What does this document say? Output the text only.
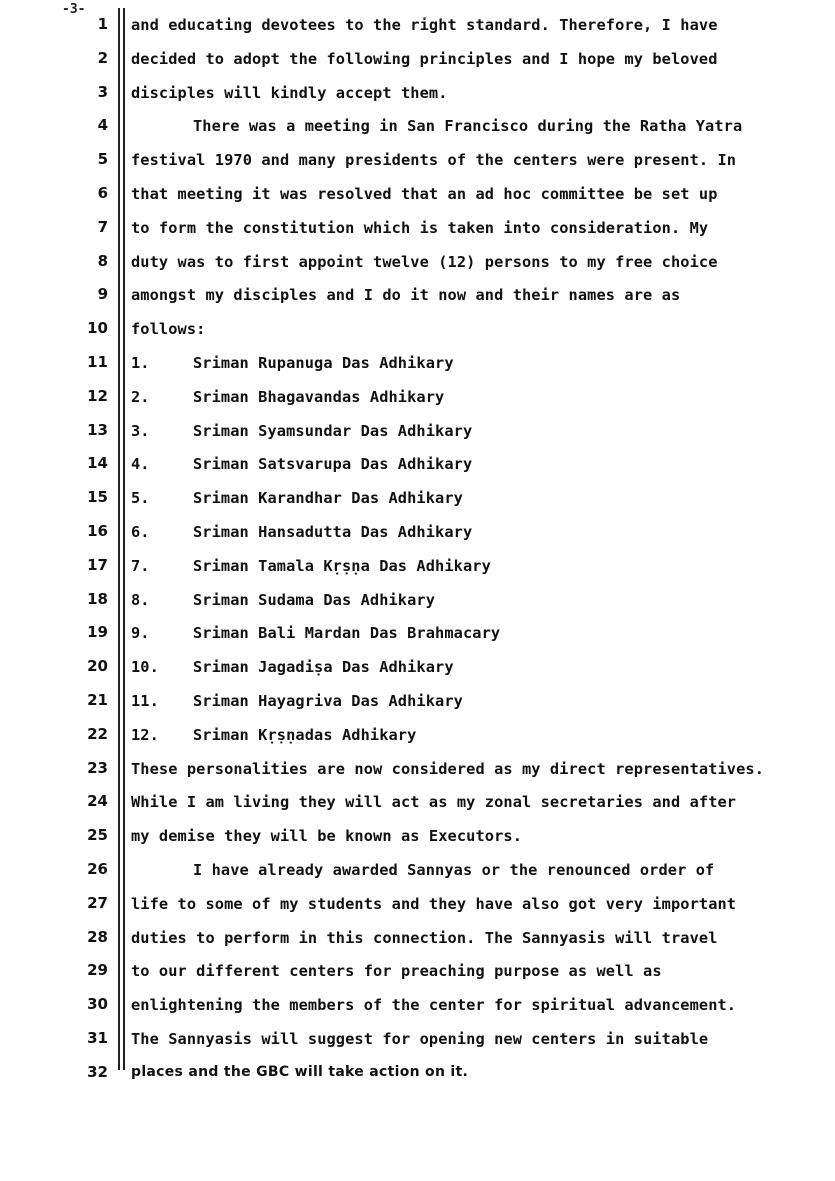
-3-
1 and educating devotees to the right standard. Therefore, I have
2 decided to adopt the following principles and I hope my beloved
3 disciples will kindly accept them.
4	There was a meeting in San Francisco during the Ratha Yatra
5 festival 1970 and many presidents of the centers were present. In
6 that meeting it was resolved that an ad hoc committee be set up
7 to form the constitution which is taken into consideration. My
8 duty was to first appoint twelve (12) persons to my free choice
9 amongst my disciples and I do it now and their names are as
10 follows:
11 1.	Sriman Rupanuga Das Adhikary
12 2.	Sriman Bhagavandas Adhikary
13 3.	Sriman Syamsundar Das Adhikary
14 4.	Sriman Satsvarupa Das Adhikary
15 5.	Sriman Karandhar Das Adhikary
16 6.	Sriman Hansadutta Das Adhikary
17 7.	Sriman Tamala Kṛṣṇa Das Adhikary
18 8.	Sriman Sudama Das Adhikary
19 9.	Sriman Bali Mardan Das Brahmacary
20 10. Sriman Jagadiṣa Das Adhikary
21 11. Sriman Hayagriva Das Adhikary
22 12. Sriman Kṛṣṇadas Adhikary
23 These personalities are now considered as my direct representatives.
24 While I am living they will act as my zonal secretaries and after
25 my demise they will be known as Executors.
26	I have already awarded Sannyas or the renounced order of
27 life to some of my students and they have also got very important
28 duties to perform in this connection. The Sannyasis will travel
29 to our different centers for preaching purpose as well as
30 enlightening the members of the center for spiritual advancement.
31 The Sannyasis will suggest for opening new centers in suitable
32 places and the GBC will take action on it.
